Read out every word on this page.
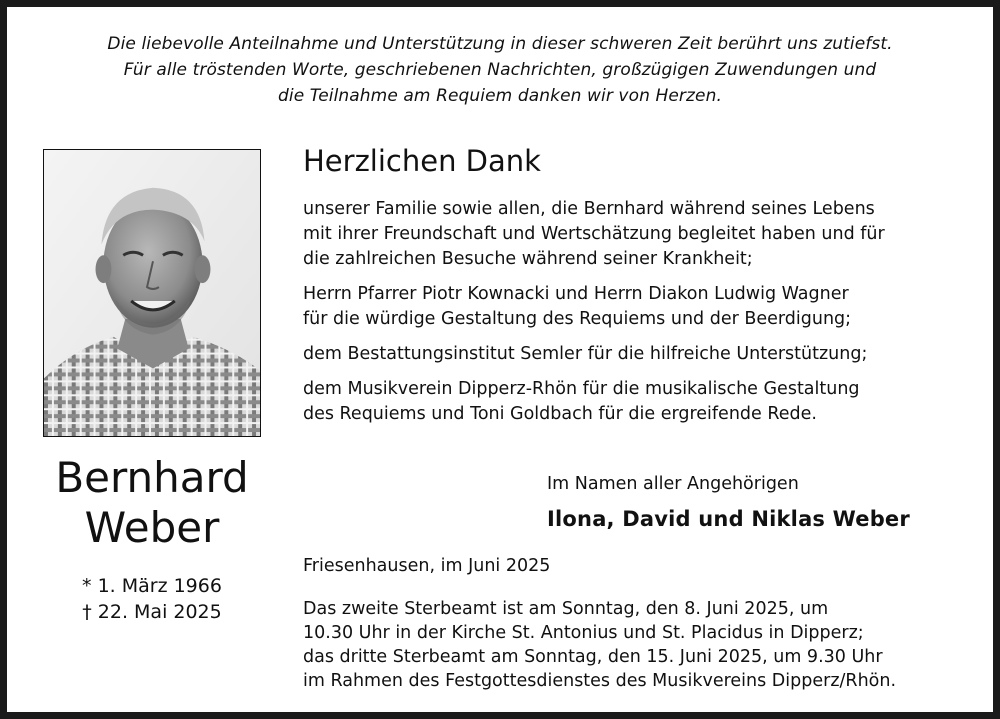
Die liebevolle Anteilnahme und Unterstützung in dieser schweren Zeit berührt uns zutiefst.
Für alle tröstenden Worte, geschriebenen Nachrichten, großzügigen Zuwendungen und
die Teilnahme am Requiem danken wir von Herzen.
Bernhard
Weber
* 1. März 1966
† 22. Mai 2025
Herzlichen Dank
unserer Familie sowie allen, die Bernhard während seines Lebens
mit ihrer Freundschaft und Wertschätzung begleitet haben und für
die zahlreichen Besuche während seiner Krankheit;
Herrn Pfarrer Piotr Kownacki und Herrn Diakon Ludwig Wagner
für die würdige Gestaltung des Requiems und der Beerdigung;
dem Bestattungsinstitut Semler für die hilfreiche Unterstützung;
dem Musikverein Dipperz-Rhön für die musikalische Gestaltung
des Requiems und Toni Goldbach für die ergreifende Rede.
Im Namen aller Angehörigen
Ilona, David und Niklas Weber
Friesenhausen, im Juni 2025
Das zweite Sterbeamt ist am Sonntag, den 8. Juni 2025, um
10.30 Uhr in der Kirche St. Antonius und St. Placidus in Dipperz;
das dritte Sterbeamt am Sonntag, den 15. Juni 2025, um 9.30 Uhr
im Rahmen des Festgottesdienstes des Musikvereins Dipperz/Rhön.
